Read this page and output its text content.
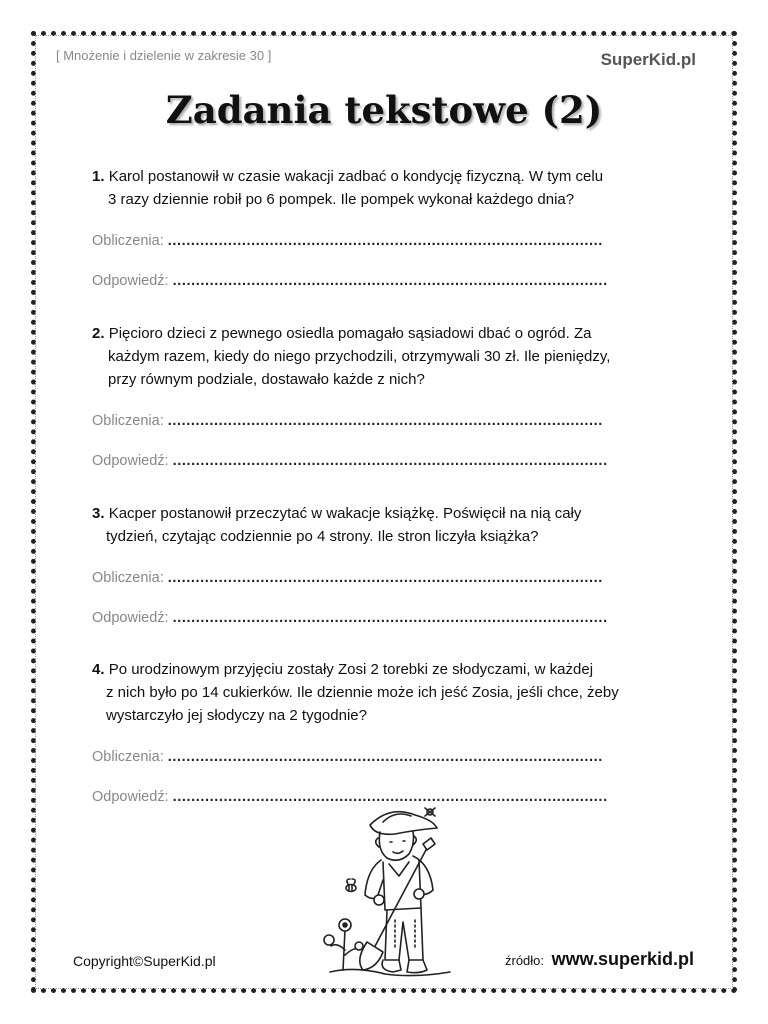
[ Mnożenie i dzielenie w zakresie 30 ]	SuperKid.pl
Zadania tekstowe (2)
1. Karol postanowił w czasie wakacji zadbać o kondycję fizyczną. W tym celu
3 razy dziennie robił po 6 pompek. Ile pompek wykonał każdego dnia?
Obliczenia: ..............................................................................................
Odpowiedź: ..............................................................................................
2. Pięcioro dzieci z pewnego osiedla pomagało sąsiadowi dbać o ogród. Za
każdym razem, kiedy do niego przychodzili, otrzymywali 30 zł. Ile pieniędzy,
przy równym podziale, dostawało każde z nich?
Obliczenia: ..............................................................................................
Odpowiedź: ..............................................................................................
3. Kacper postanowił przeczytać w wakacje książkę. Poświęcił na nią cały
tydzień, czytając codziennie po 4 strony. Ile stron liczyła książka?
Obliczenia: ..............................................................................................
Odpowiedź: ..............................................................................................
4. Po urodzinowym przyjęciu zostały Zosi 2 torebki ze słodyczami, w każdej
z nich było po 14 cukierków. Ile dziennie może ich jeść Zosia, jeśli chce, żeby
wystarczyło jej słodyczy na 2 tygodnie?
Obliczenia: ..............................................................................................
Odpowiedź: ..............................................................................................
Copyright©SuperKid.pl	źródło: www.superkid.pl
